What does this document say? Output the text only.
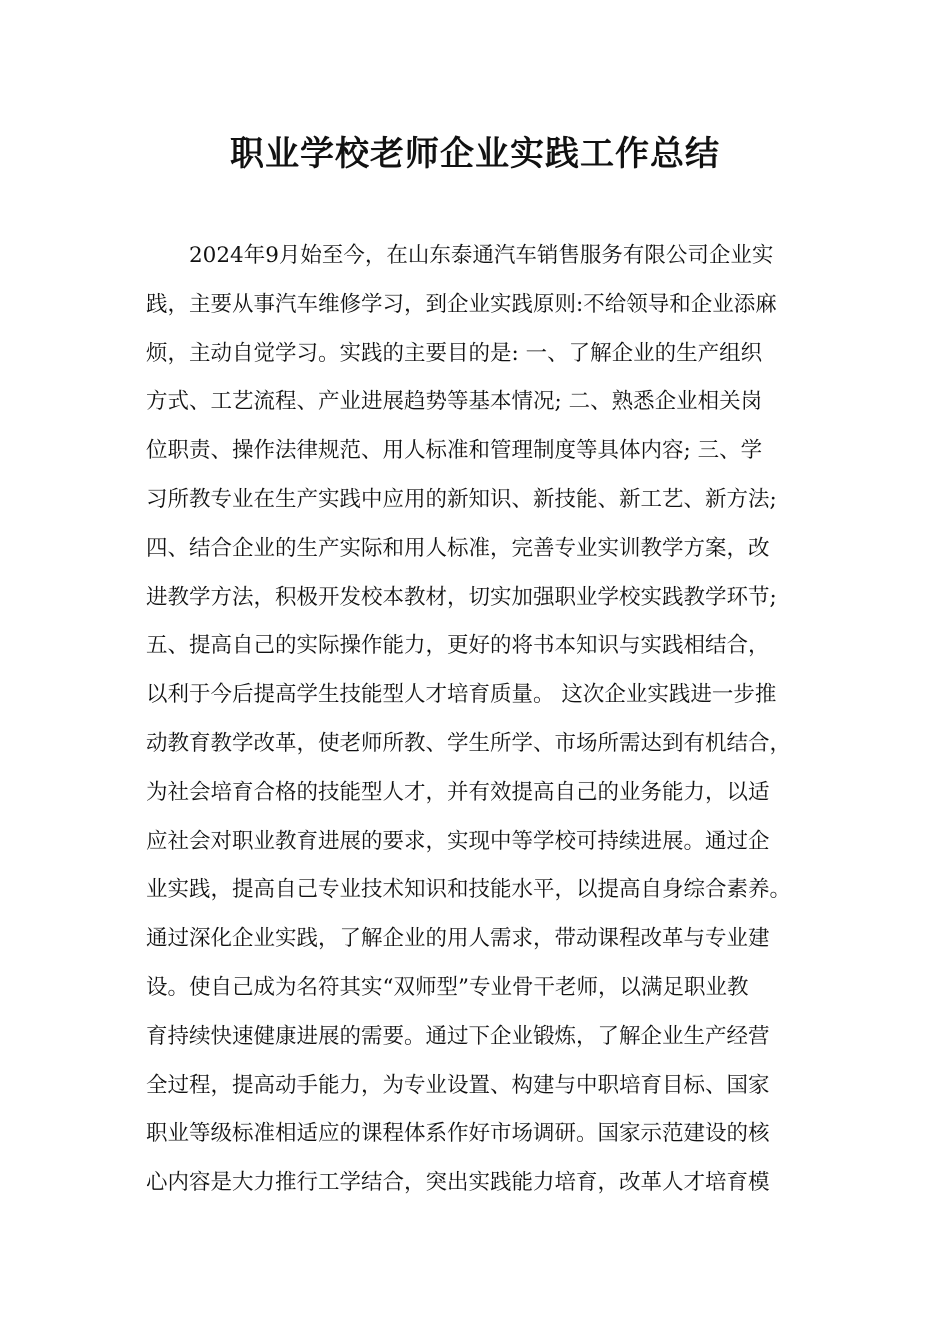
职业学校老师企业实践工作总结
2024年9月始至今，在山东泰通汽车销售服务有限公司企业实
践，主要从事汽车维修学习，到企业实践原则:不给领导和企业添麻
烦，主动自觉学习。实践的主要目的是: 一、了解企业的生产组织
方式、工艺流程、产业进展趋势等基本情况; 二、熟悉企业相关岗
位职责、操作法律规范、用人标准和管理制度等具体内容; 三、学
习所教专业在生产实践中应用的新知识、新技能、新工艺、新方法;
四、结合企业的生产实际和用人标准，完善专业实训教学方案，改
进教学方法，积极开发校本教材，切实加强职业学校实践教学环节;
五、提高自己的实际操作能力，更好的将书本知识与实践相结合，
以利于今后提高学生技能型人才培育质量。 这次企业实践进一步推
动教育教学改革，使老师所教、学生所学、市场所需达到有机结合，
为社会培育合格的技能型人才，并有效提高自己的业务能力，以适
应社会对职业教育进展的要求，实现中等学校可持续进展。通过企
业实践，提高自己专业技术知识和技能水平，以提高自身综合素养。
通过深化企业实践，了解企业的用人需求，带动课程改革与专业建
设。使自己成为名符其实“双师型”专业骨干老师，以满足职业教
育持续快速健康进展的需要。通过下企业锻炼，了解企业生产经营
全过程，提高动手能力，为专业设置、构建与中职培育目标、国家
职业等级标准相适应的课程体系作好市场调研。国家示范建设的核
心内容是大力推行工学结合，突出实践能力培育，改革人才培育模
